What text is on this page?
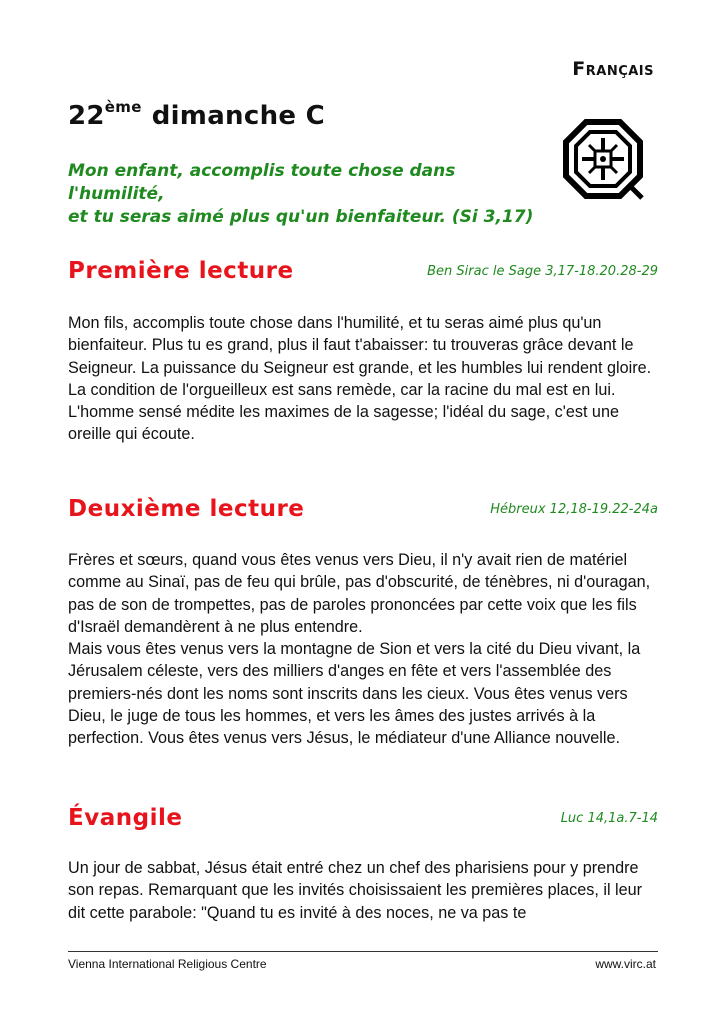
Français
22ème dimanche C
Mon enfant, accomplis toute chose dans l'humilité,
et tu seras aimé plus qu'un bienfaiteur. (Si 3,17)
Première lecture	Ben Sirac le Sage 3,17-18.20.28-29

Mon fils, accomplis toute chose dans l'humilité, et tu seras aimé plus qu'un bienfaiteur. Plus tu es grand, plus il faut t'abaisser: tu trouveras grâce devant le Seigneur. La puissance du Seigneur est grande, et les humbles lui rendent gloire. La condition de l'orgueilleux est sans remède, car la racine du mal est en lui. L'homme sensé médite les maximes de la sagesse; l'idéal du sage, c'est une oreille qui écoute.

Deuxième lecture	Hébreux 12,18-19.22-24a

Frères et sœurs, quand vous êtes venus vers Dieu, il n'y avait rien de matériel comme au Sinaï, pas de feu qui brûle, pas d'obscurité, de ténèbres, ni d'ouragan, pas de son de trompettes, pas de paroles prononcées par cette voix que les fils d'Israël demandèrent à ne plus entendre.

Mais vous êtes venus vers la montagne de Sion et vers la cité du Dieu vivant, la Jérusalem céleste, vers des milliers d'anges en fête et vers l'assemblée des premiers-nés dont les noms sont inscrits dans les cieux. Vous êtes venus vers Dieu, le juge de tous les hommes, et vers les âmes des justes arrivés à la perfection. Vous êtes venus vers Jésus, le médiateur d'une Alliance nouvelle.

Évangile	Luc 14,1a.7-14

Un jour de sabbat, Jésus était entré chez un chef des pharisiens pour y prendre son repas. Remarquant que les invités choisissaient les premières places, il leur dit cette parabole: "Quand tu es invité à des noces, ne va pas te

Vienna International Religious Centre	www.virc.at
